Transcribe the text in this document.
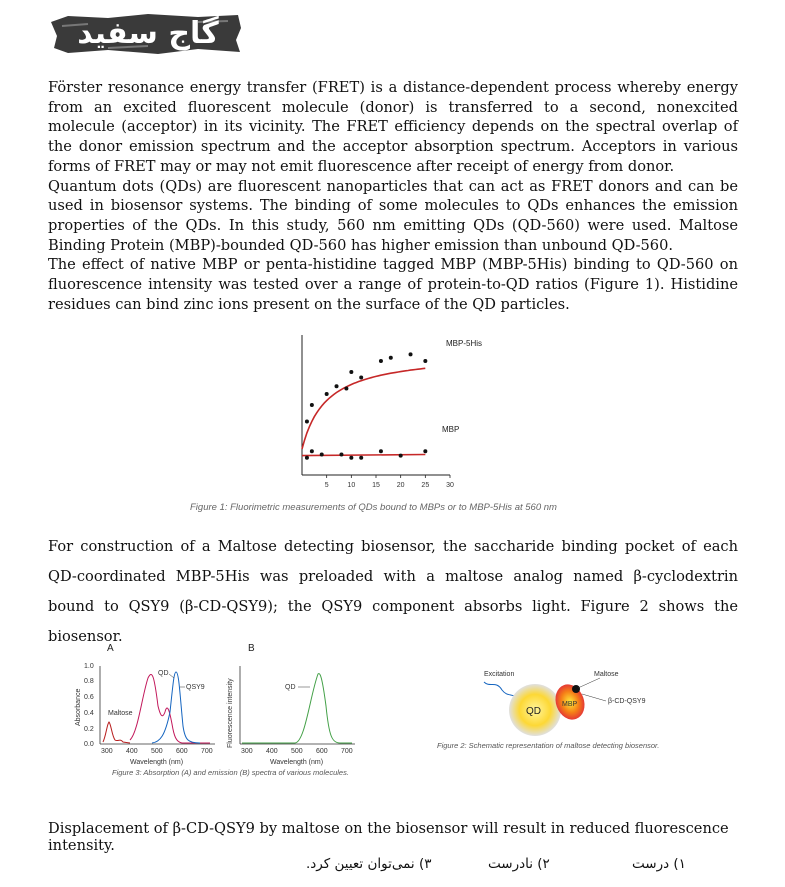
گاج سفید

Förster resonance energy transfer (FRET) is a distance-dependent process whereby energy from an excited fluorescent molecule (donor) is transferred to a second, nonexcited molecule (acceptor) in its vicinity. The FRET efficiency depends on the spectral overlap of the donor emission spectrum and the acceptor absorption spectrum. Acceptors in various forms of FRET may or may not emit fluorescence after receipt of energy from donor.

Quantum dots (QDs) are fluorescent nanoparticles that can act as FRET donors and can be used in biosensor systems. The binding of some molecules to QDs enhances the emission properties of the QDs. In this study, 560 nm emitting QDs (QD-560) were used. Maltose Binding Protein (MBP)-bounded QD-560 has higher emission than unbound QD-560.

The effect of native MBP or penta-histidine tagged MBP (MBP-5His) binding to QD-560 on fluorescence intensity was tested over a range of protein-to-QD ratios (Figure 1). Histidine residues can bind zinc ions present on the surface of the QD particles.

5	10 15 20 25 30
MBP-5His
MBP
Figure 1: Fluorimetric measurements of QDs bound to MBPs or to MBP-5His at 560 nm
For construction of a Maltose detecting biosensor, the saccharide binding pocket of each QD-coordinated MBP-5His was preloaded with a maltose analog named β-cyclodextrin bound to QSY9 (β-CD-QSY9); the QSY9 component absorbs light. Figure 2 shows the biosensor.
A	B
Absorbance
1.0
0.8
0.6
0.4
0.2
0.0
300 400 500 600 700
Wavelength (nm)
QD
QSY9
Maltose	Fluorescence intensity
300 400 500 600 700
Wavelength (nm)
QD
Figure 3: Absorption (A) and emission (B) spectra of various molecules.
Excitation
QD
MBP
Maltose
β-CD-QSY9
Figure 2: Schematic representation of maltose detecting biosensor.
Displacement of β-CD-QSY9 by maltose on the biosensor will result in reduced fluorescence intensity.
۱) درست
۲) نادرست
۳) نمی‌توان تعیین کرد.
